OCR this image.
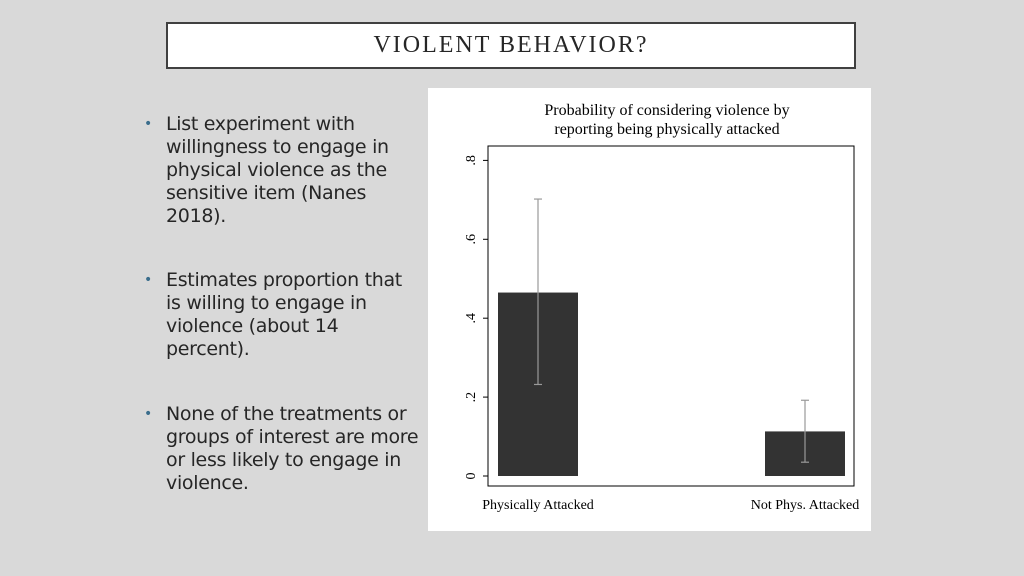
VIOLENT BEHAVIOR?
• List experiment with willingness to engage in physical violence as the sensitive item (Nanes 2018).
• Estimates proportion that is willing to engage in violence (about 14 percent).
• None of the treatments or groups of interest are more or less likely to engage in violence.
Probability of considering violence by
reporting being physically attacked
0
.2
.4
.6
.8
Physically Attacked	Not Phys. Attacked
